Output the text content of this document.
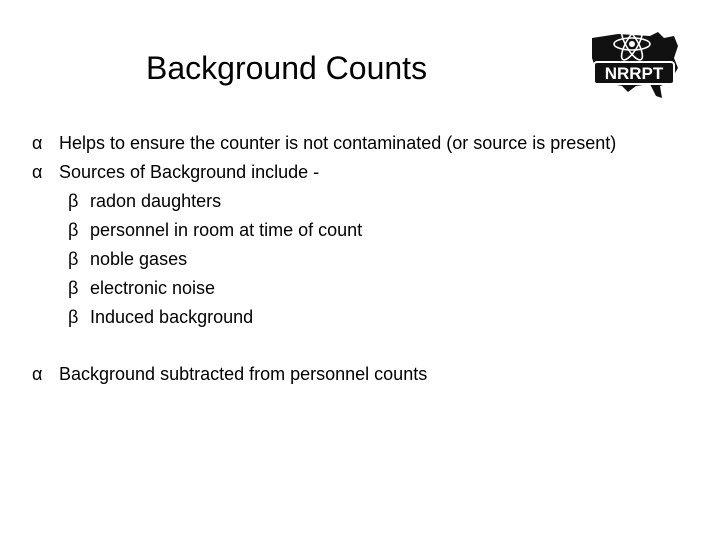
Background Counts	NRRPT
α Helps to ensure the counter is not contaminated (or source is present)
α Sources of Background include -
β radon daughters
β personnel in room at time of count
β noble gases
β electronic noise
β Induced background
α Background subtracted from personnel counts
